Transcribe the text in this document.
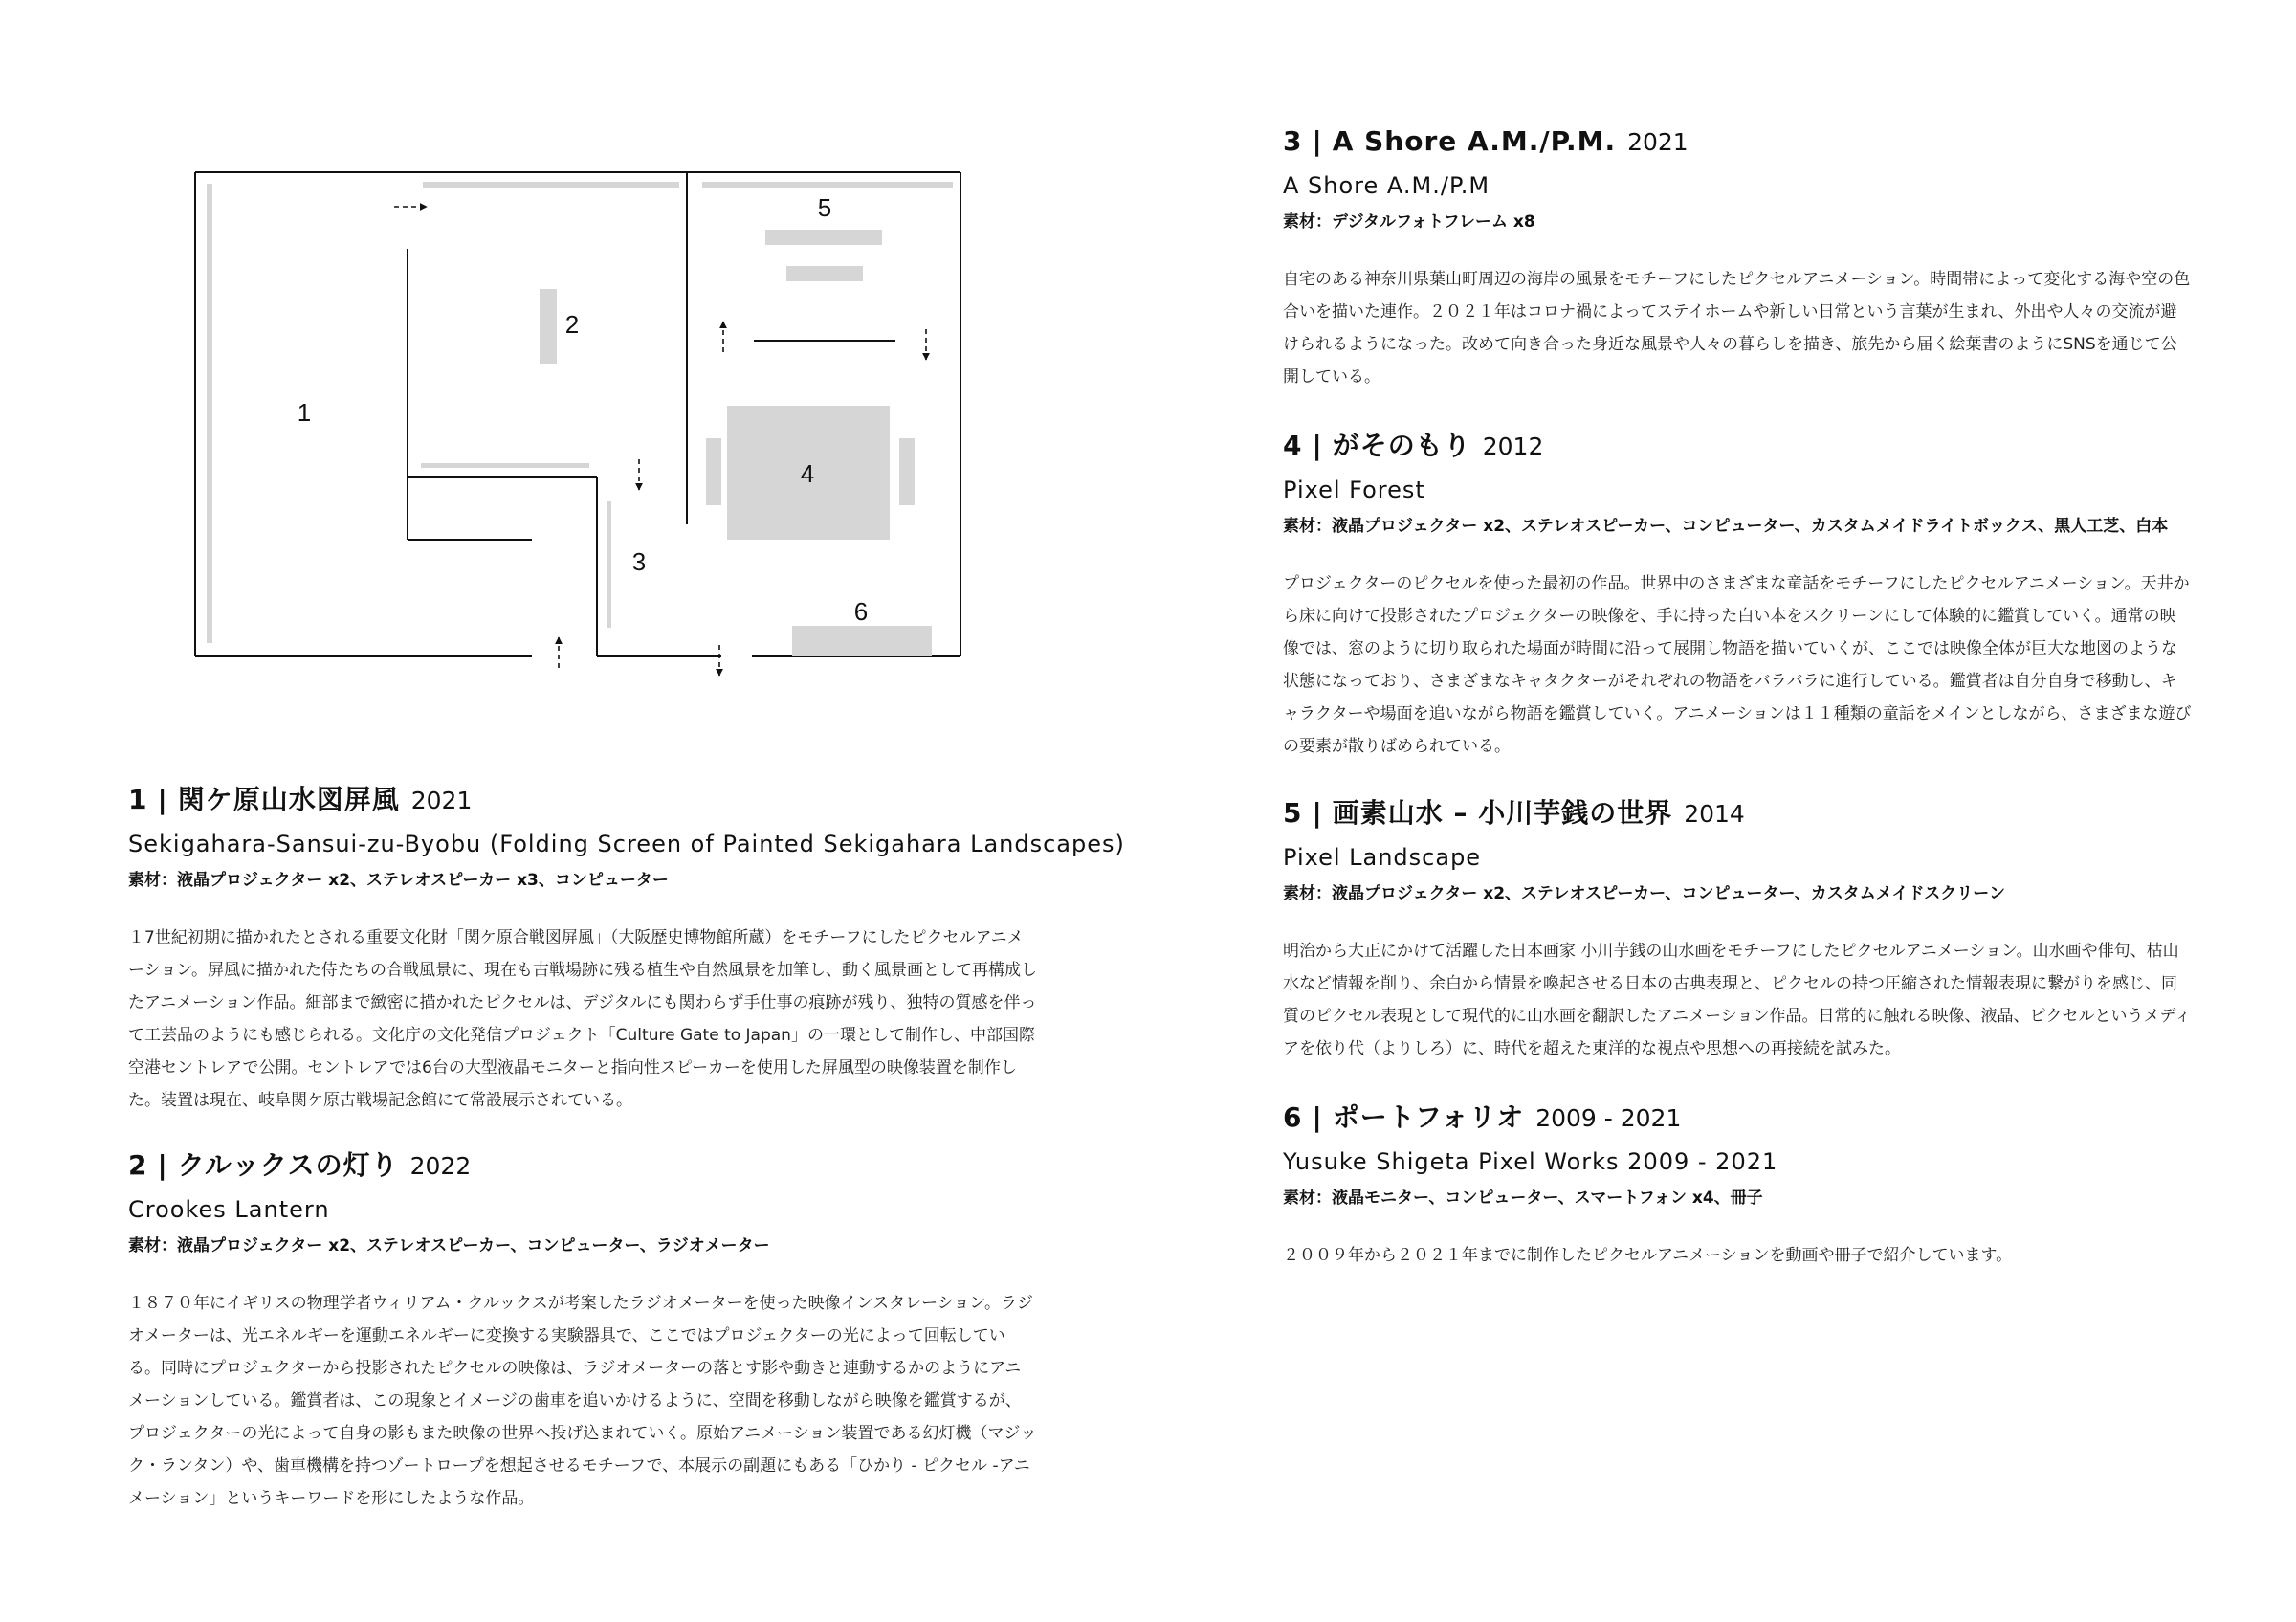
1
2
3
4
5
6
1 | 関ケ原山水図屏風 2021
Sekigahara-Sansui-zu-Byobu (Folding Screen of Painted Sekigahara Landscapes)

素材：液晶プロジェクター x2、ステレオスピーカー x3、コンピューター

１7世紀初期に描かれたとされる重要文化財「関ケ原合戦図屏風」（大阪歴史博物館所蔵）をモチーフにしたピクセルアニメーション。屏風に描かれた侍たちの合戦風景に、現在も古戦場跡に残る植生や自然風景を加筆し、動く風景画として再構成したアニメーション作品。細部まで緻密に描かれたピクセルは、デジタルにも関わらず手仕事の痕跡が残り、独特の質感を伴って工芸品のようにも感じられる。文化庁の文化発信プロジェクト「Culture Gate to Japan」の一環として制作し、中部国際空港セントレアで公開。セントレアでは6台の大型液晶モニターと指向性スピーカーを使用した屏風型の映像装置を制作した。装置は現在、岐阜関ケ原古戦場記念館にて常設展示されている。

2 | クルックスの灯り 2022
Crookes Lantern

素材：液晶プロジェクター x2、ステレオスピーカー、コンピューター、ラジオメーター

１８７０年にイギリスの物理学者ウィリアム・クルックスが考案したラジオメーターを使った映像インスタレーション。ラジオメーターは、光エネルギーを運動エネルギーに変換する実験器具で、ここではプロジェクターの光によって回転している。同時にプロジェクターから投影されたピクセルの映像は、ラジオメーターの落とす影や動きと連動するかのようにアニメーションしている。鑑賞者は、この現象とイメージの歯車を追いかけるように、空間を移動しながら映像を鑑賞するが、プロジェクターの光によって自身の影もまた映像の世界へ投げ込まれていく。原始アニメーション装置である幻灯機（マジック・ランタン）や、歯車機構を持つゾートロープを想起させるモチーフで、本展示の副題にもある「ひかり - ピクセル -アニメーション」というキーワードを形にしたような作品。

3 | A Shore A.M./P.M. 2021
A Shore A.M./P.M

素材：デジタルフォトフレーム x8

自宅のある神奈川県葉山町周辺の海岸の風景をモチーフにしたピクセルアニメーション。時間帯によって変化する海や空の色合いを描いた連作。２０２１年はコロナ禍によってステイホームや新しい日常という言葉が生まれ、外出や人々の交流が避けられるようになった。改めて向き合った身近な風景や人々の暮らしを描き、旅先から届く絵葉書のようにSNSを通じて公開している。

4 | がそのもり 2012
Pixel Forest

素材：液晶プロジェクター x2、ステレオスピーカー、コンピューター、カスタムメイドライトボックス、黒人工芝、白本

プロジェクターのピクセルを使った最初の作品。世界中のさまざまな童話をモチーフにしたピクセルアニメーション。天井から床に向けて投影されたプロジェクターの映像を、手に持った白い本をスクリーンにして体験的に鑑賞していく。通常の映像では、窓のように切り取られた場面が時間に沿って展開し物語を描いていくが、ここでは映像全体が巨大な地図のような状態になっており、さまざまなキャタクターがそれぞれの物語をバラバラに進行している。鑑賞者は自分自身で移動し、キャラクターや場面を追いながら物語を鑑賞していく。アニメーションは１１種類の童話をメインとしながら、さまざまな遊びの要素が散りばめられている。

5 | 画素山水 – 小川芋銭の世界 2014
Pixel Landscape

素材：液晶プロジェクター x2、ステレオスピーカー、コンピューター、カスタムメイドスクリーン

明治から大正にかけて活躍した日本画家 小川芋銭の山水画をモチーフにしたピクセルアニメーション。山水画や俳句、枯山水など情報を削り、余白から情景を喚起させる日本の古典表現と、ピクセルの持つ圧縮された情報表現に繋がりを感じ、同質のピクセル表現として現代的に山水画を翻訳したアニメーション作品。日常的に触れる映像、液晶、ピクセルというメディアを依り代（よりしろ）に、時代を超えた東洋的な視点や思想への再接続を試みた。

6 | ポートフォリオ 2009 - 2021
Yusuke Shigeta Pixel Works 2009 - 2021

素材：液晶モニター、コンピューター、スマートフォン x4、冊子

２００９年から２０２１年までに制作したピクセルアニメーションを動画や冊子で紹介しています。
